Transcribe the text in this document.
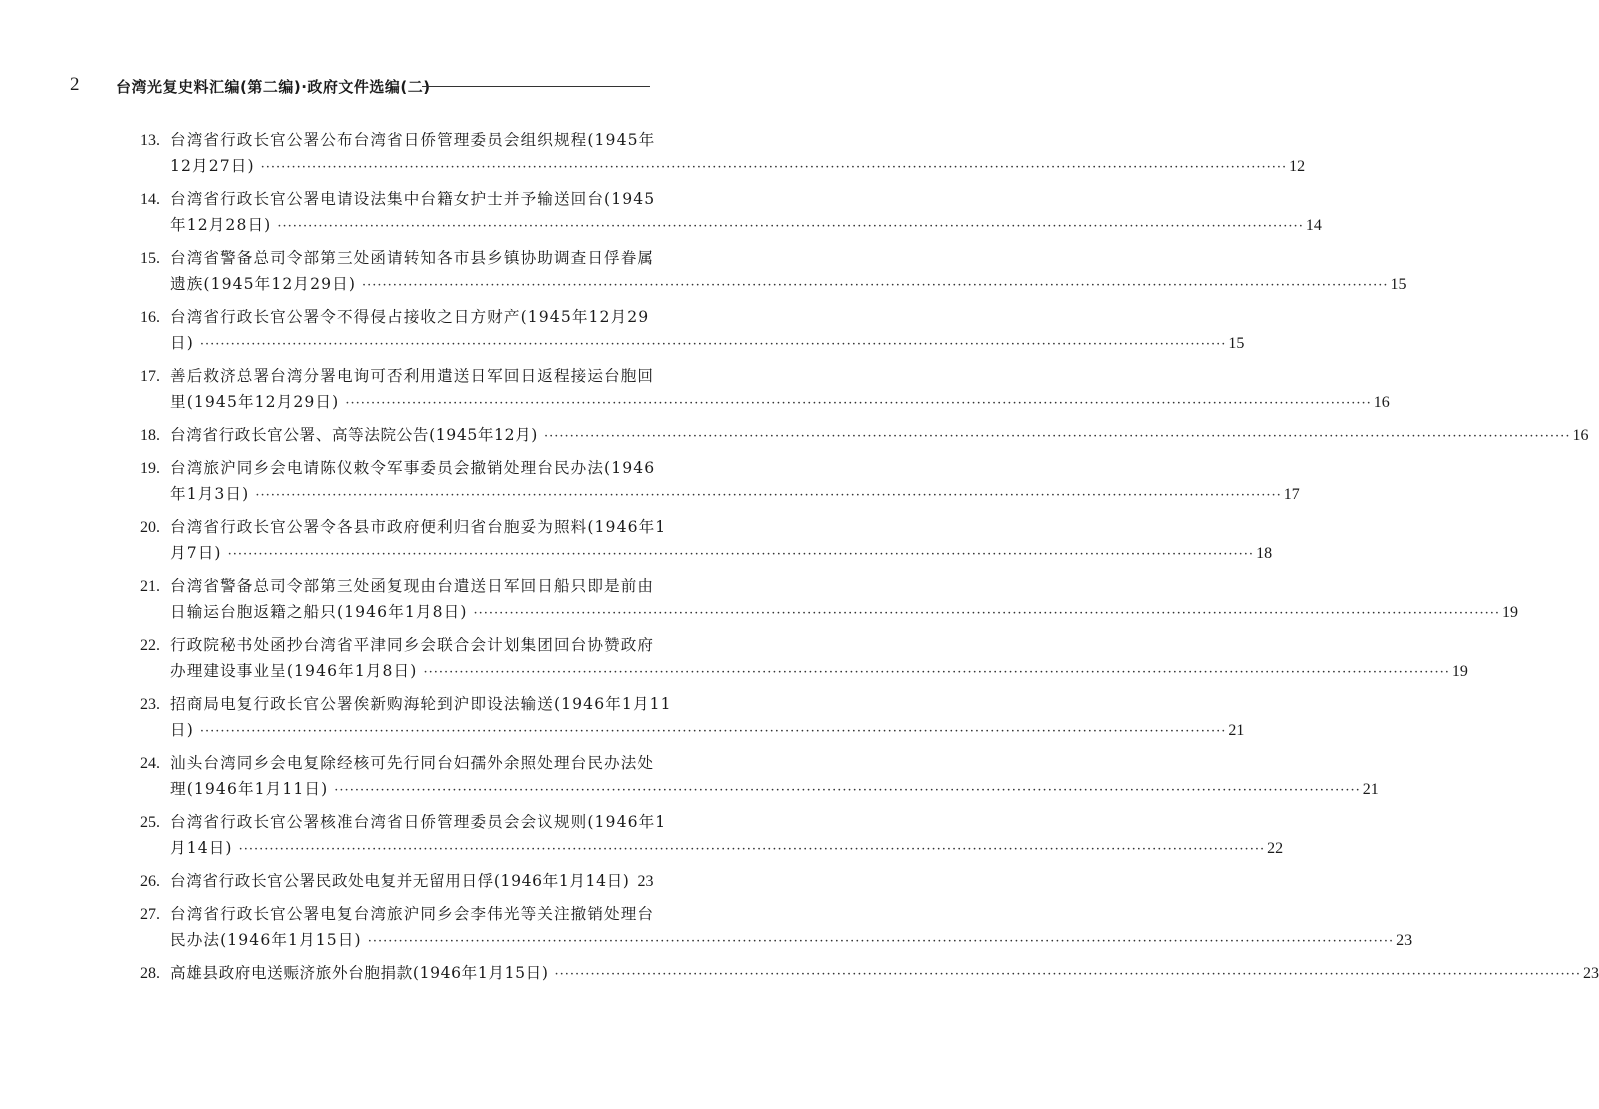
2 台湾光复史料汇编(第二编)·政府文件选编(二)
13. 台湾省行政长官公署公布台湾省日侨管理委员会组织规程(1945年
12月27日) ········································································································································································································ 12
14. 台湾省行政长官公署电请设法集中台籍女护士并予输送回台(1945
年12月28日) ········································································································································································································ 14
15. 台湾省警备总司令部第三处函请转知各市县乡镇协助调查日俘眷属
遗族(1945年12月29日) ········································································································································································································ 15
16. 台湾省行政长官公署令不得侵占接收之日方财产(1945年12月29
日) ········································································································································································································ 15
17. 善后救济总署台湾分署电询可否利用遣送日军回日返程接运台胞回
里(1945年12月29日) ········································································································································································································ 16
18. 台湾省行政长官公署、高等法院公告(1945年12月) ········································································································································································································ 16
19. 台湾旅沪同乡会电请陈仪敕令军事委员会撤销处理台民办法(1946
年1月3日) ········································································································································································································ 17
20. 台湾省行政长官公署令各县市政府便利归省台胞妥为照料(1946年1
月7日) ········································································································································································································ 18
21. 台湾省警备总司令部第三处函复现由台遣送日军回日船只即是前由
日输运台胞返籍之船只(1946年1月8日) ········································································································································································································ 19
22. 行政院秘书处函抄台湾省平津同乡会联合会计划集团回台协赞政府
办理建设事业呈(1946年1月8日) ········································································································································································································ 19
23. 招商局电复行政长官公署俟新购海轮到沪即设法输送(1946年1月11
日) ········································································································································································································ 21
24. 汕头台湾同乡会电复除经核可先行同台妇孺外余照处理台民办法处
理(1946年1月11日) ········································································································································································································ 21
25. 台湾省行政长官公署核准台湾省日侨管理委员会会议规则(1946年1
月14日) ········································································································································································································ 22
26. 台湾省行政长官公署民政处电复并无留用日俘(1946年1月14日) 23
27. 台湾省行政长官公署电复台湾旅沪同乡会李伟光等关注撤销处理台
民办法(1946年1月15日) ········································································································································································································ 23
28. 高雄县政府电送赈济旅外台胞捐款(1946年1月15日) ········································································································································································································ 23
